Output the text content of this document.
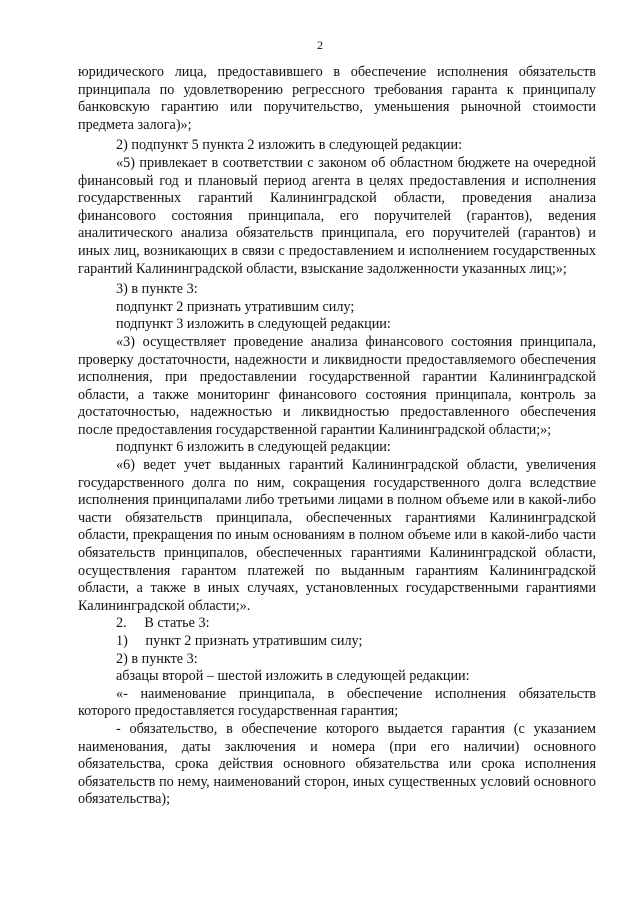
2

юридического лица, предоставившего в обеспечение исполнения обязательств принципала по удовлетворению регрессного требования гаранта к принципалу банковскую гарантию или поручительство, уменьшения рыночной стоимости предмета залога)»;

2) подпункт 5 пункта 2 изложить в следующей редакции:

«5) привлекает в соответствии с законом об областном бюджете на очередной финансовый год и плановый период агента в целях предоставления и исполнения государственных гарантий Калининградской области, проведения анализа финансового состояния принципала, его поручителей (гарантов), ведения аналитического анализа обязательств принципала, его поручителей (гарантов) и иных лиц, возникающих в связи с предоставлением и исполнением государственных гарантий Калининградской области, взыскание задолженности указанных лиц;»;

3) в пункте 3:

подпункт 2 признать утратившим силу;

подпункт 3 изложить в следующей редакции:

«3) осуществляет проведение анализа финансового состояния принципала, проверку достаточности, надежности и ликвидности предоставляемого обеспечения исполнения, при предоставлении государственной гарантии Калининградской области, а также мониторинг финансового состояния принципала, контроль за достаточностью, надежностью и ликвидностью предоставленного обеспечения после предоставления государственной гарантии Калининградской области;»;

подпункт 6 изложить в следующей редакции:

«6) ведет учет выданных гарантий Калининградской области, увеличения государственного долга по ним, сокращения государственного долга вследствие исполнения принципалами либо третьими лицами в полном объеме или в какой-либо части обязательств принципала, обеспеченных гарантиями Калининградской области, прекращения по иным основаниям в полном объеме или в какой-либо части обязательств принципалов, обеспеченных гарантиями Калининградской области, осуществления гарантом платежей по выданным гарантиям Калининградской области, а также в иных случаях, установленных государственными гарантиями Калининградской области;».

2.     В статье 3:

1)     пункт 2 признать утратившим силу;

2) в пункте 3:

абзацы второй – шестой изложить в следующей редакции:

«- наименование принципала, в обеспечение исполнения обязательств которого предоставляется государственная гарантия;

- обязательство, в обеспечение которого выдается гарантия (с указанием наименования, даты заключения и номера (при его наличии) основного обязательства, срока действия основного обязательства или срока исполнения обязательств по нему, наименований сторон, иных существенных условий основного обязательства);
